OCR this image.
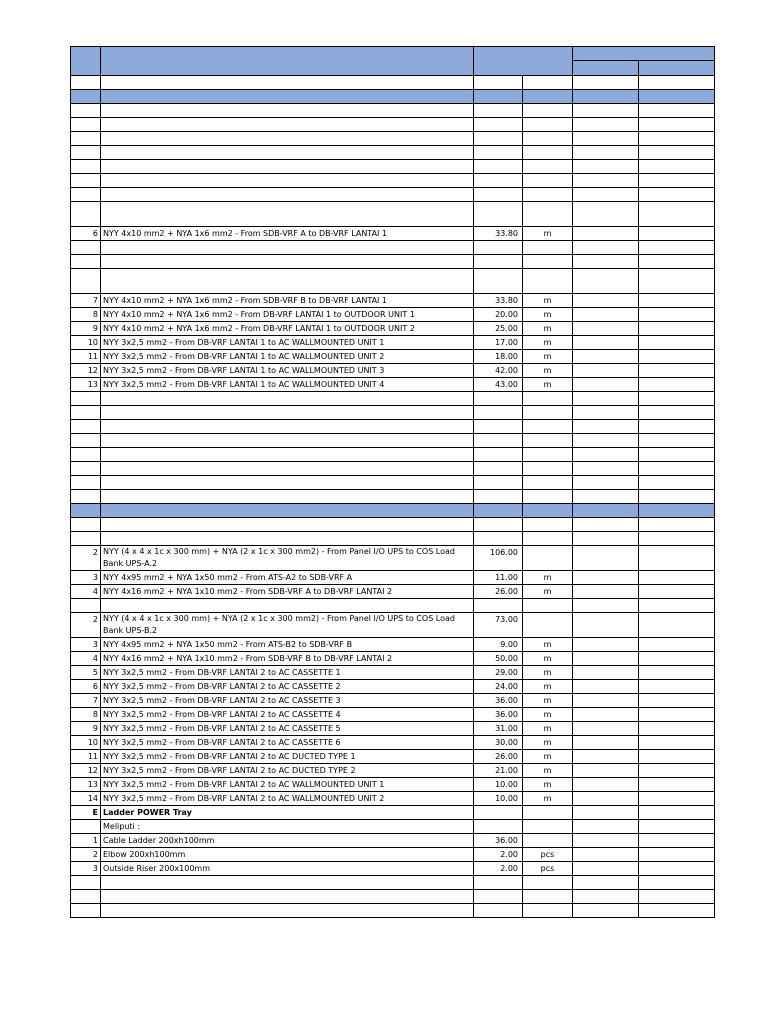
6	NYY 4x10 mm2 + NYA 1x6 mm2 - From SDB-VRF A to DB-VRF LANTAI 1	33.80	m		

7	NYY 4x10 mm2 + NYA 1x6 mm2 - From SDB-VRF B to DB-VRF LANTAI 1	33.80	m		
8	NYY 4x10 mm2 + NYA 1x6 mm2 - From DB-VRF LANTAI 1 to OUTDOOR UNIT 1	20.00	m		
9	NYY 4x10 mm2 + NYA 1x6 mm2 - From DB-VRF LANTAI 1 to OUTDOOR UNIT 2	25.00	m		
10	NYY 3x2,5 mm2 - From DB-VRF LANTAI 1 to AC WALLMOUNTED UNIT 1	17.00	m		
11	NYY 3x2,5 mm2 - From DB-VRF LANTAI 1 to AC WALLMOUNTED UNIT 2	18.00	m		
12	NYY 3x2,5 mm2 - From DB-VRF LANTAI 1 to AC WALLMOUNTED UNIT 3	42.00	m		
13	NYY 3x2,5 mm2 - From DB-VRF LANTAI 1 to AC WALLMOUNTED UNIT 4	43.00	m		

2	NYY (4 x 4 x 1c x 300 mm) + NYA (2 x 1c x 300 mm2) - From Panel I/O UPS to COS Load Bank UPS-A.2	106.00			
3	NYY 4x95 mm2 + NYA 1x50 mm2 - From ATS-A2 to SDB-VRF A	11.00	m		
4	NYY 4x16 mm2 + NYA 1x10 mm2 - From SDB-VRF A to DB-VRF LANTAI 2	26.00	m		

2	NYY (4 x 4 x 1c x 300 mm) + NYA (2 x 1c x 300 mm2) - From Panel I/O UPS to COS Load Bank UPS-B.2	73.00			
3	NYY 4x95 mm2 + NYA 1x50 mm2 - From ATS-B2 to SDB-VRF B	9.00	m		
4	NYY 4x16 mm2 + NYA 1x10 mm2 - From SDB-VRF B to DB-VRF LANTAI 2	50.00	m		
5	NYY 3x2,5 mm2 - From DB-VRF LANTAI 2 to AC CASSETTE 1	29.00	m		
6	NYY 3x2,5 mm2 - From DB-VRF LANTAI 2 to AC CASSETTE 2	24.00	m		
7	NYY 3x2,5 mm2 - From DB-VRF LANTAI 2 to AC CASSETTE 3	36.00	m		
8	NYY 3x2,5 mm2 - From DB-VRF LANTAI 2 to AC CASSETTE 4	36.00	m		
9	NYY 3x2,5 mm2 - From DB-VRF LANTAI 2 to AC CASSETTE 5	31.00	m		
10	NYY 3x2,5 mm2 - From DB-VRF LANTAI 2 to AC CASSETTE 6	30.00	m		
11	NYY 3x2,5 mm2 - From DB-VRF LANTAI 2 to AC DUCTED TYPE 1	26.00	m		
12	NYY 3x2,5 mm2 - From DB-VRF LANTAI 2 to AC DUCTED TYPE 2	21.00	m		
13	NYY 3x2,5 mm2 - From DB-VRF LANTAI 2 to AC WALLMOUNTED UNIT 1	10.00	m		
14	NYY 3x2,5 mm2 - From DB-VRF LANTAI 2 to AC WALLMOUNTED UNIT 2	10.00	m		
E	Ladder POWER Tray				
	Meliputi :				
1	Cable Ladder 200xh100mm	36.00			
2	Elbow 200xh100mm	2.00	pcs		
3	Outside Riser 200x100mm	2.00	pcs		
